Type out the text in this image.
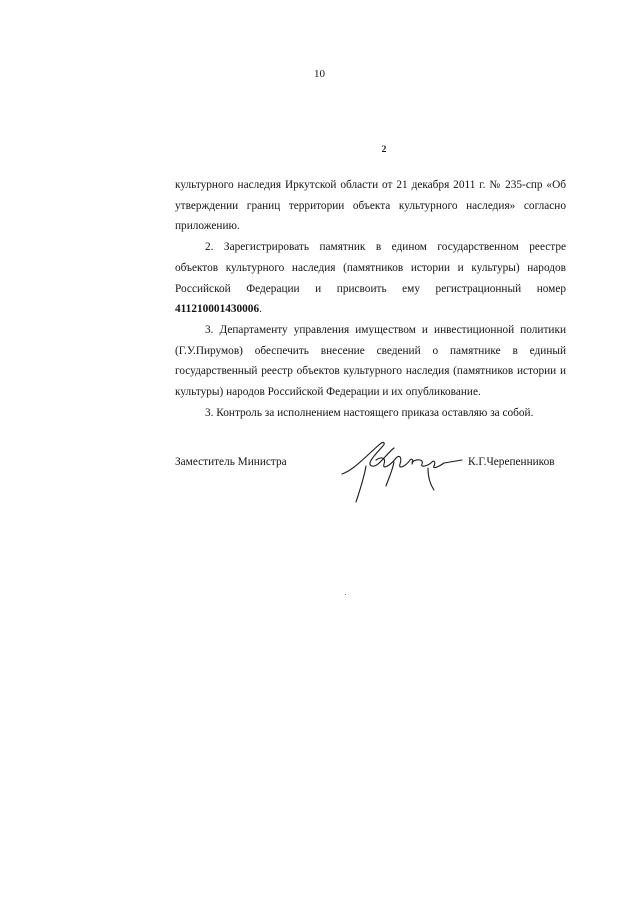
10
2

культурного наследия Иркутской области от 21 декабря 2011 г. № 235-спр «Об утверждении границ территории объекта культурного наследия» согласно приложению.

2. Зарегистрировать памятник в едином государственном реестре объектов культурного наследия (памятников истории и культуры) народов Российской Федерации и присвоить ему регистрационный номер 411210001430006.

3. Департаменту управления имуществом и инвестиционной политики (Г.У.Пирумов) обеспечить внесение сведений о памятнике в единый государственный реестр объектов культурного наследия (памятников истории и культуры) народов Российской Федерации и их опубликование.

3. Контроль за исполнением настоящего приказа оставляю за собой.

Заместитель Министра	К.Г.Черепенников
